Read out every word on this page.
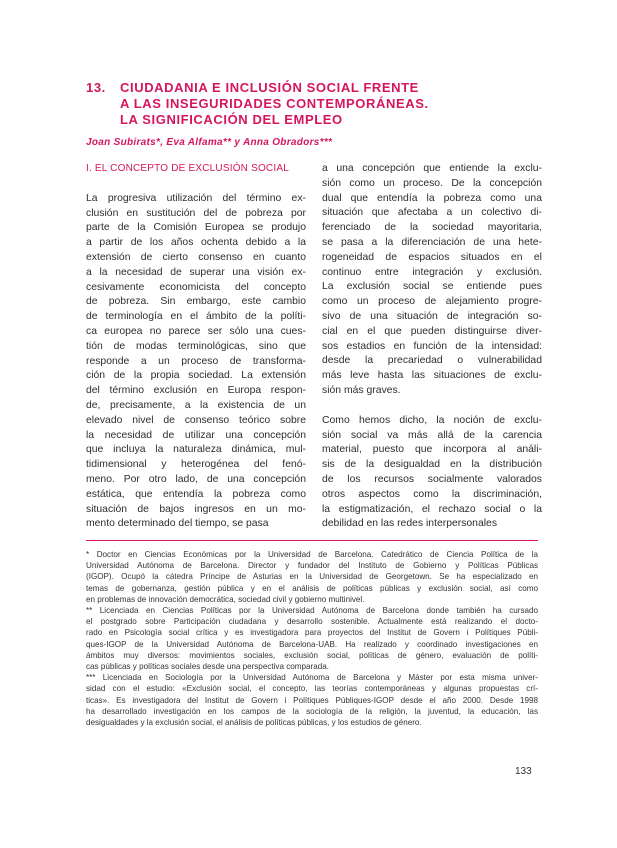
13. CIUDADANIA E INCLUSIÓN SOCIAL FRENTE
A LAS INSEGURIDADES CONTEMPORÁNEAS.
LA SIGNIFICACIÓN DEL EMPLEO
Joan Subirats*, Eva Alfama** y Anna Obradors***
I. EL CONCEPTO DE EXCLUSIÓN SOCIAL
La progresiva utilización del término ex-
clusión en sustitución del de pobreza por
parte de la Comisión Europea se produjo
a partir de los años ochenta debido a la
extensión de cierto consenso en cuanto
a la necesidad de superar una visión ex-
cesivamente economicista del concepto
de pobreza. Sin embargo, este cambio
de terminología en el ámbito de la políti-
ca europea no parece ser sólo una cues-
tión de modas terminológicas, sino que
responde a un proceso de transforma-
ción de la propia sociedad. La extensión
del término exclusión en Europa respon-
de, precisamente, a la existencia de un
elevado nivel de consenso teórico sobre
la necesidad de utilizar una concepción
que incluya la naturaleza dinámica, mul-
tidimensional y heterogénea del fenó-
meno. Por otro lado, de una concepción
estática, que entendía la pobreza como
situación de bajos ingresos en un mo-
mento determinado del tiempo, se pasa
a una concepción que entiende la exclu-
sión como un proceso. De la concepción
dual que entendía la pobreza como una
situación que afectaba a un colectivo di-
ferenciado de la sociedad mayoritaria,
se pasa a la diferenciación de una hete-
rogeneidad de espacios situados en el
continuo entre integración y exclusión.
La exclusión social se entiende pues
como un proceso de alejamiento progre-
sivo de una situación de integración so-
cial en el que pueden distinguirse diver-
sos estadios en función de la intensidad:
desde la precariedad o vulnerabilidad
más leve hasta las situaciones de exclu-
sión más graves.
Como hemos dicho, la noción de exclu-
sión social va más allá de la carencia
material, puesto que incorpora al análi-
sis de la desigualdad en la distribución
de los recursos socialmente valorados
otros aspectos como la discriminación,
la estigmatización, el rechazo social o la
debilidad en las redes interpersonales
* Doctor en Ciencias Económicas por la Universidad de Barcelona. Catedrático de Ciencia Política de la
Universidad Autónoma de Barcelona. Director y fundador del Instituto de Gobierno y Políticas Públicas
(IGOP). Ocupó la cátedra Príncipe de Asturias en la Universidad de Georgetown. Se ha especializado en
temas de gobernanza, gestión pública y en el análisis de políticas públicas y exclusión social, así como
en problemas de innovación democrática, sociedad civil y gobierno multinivel.
** Licenciada en Ciencias Políticas por la Universidad Autónoma de Barcelona donde también ha cursado
el postgrado sobre Participación ciudadana y desarrollo sostenible. Actualmente está realizando el docto-
rado en Psicología social crítica y es investigadora para proyectos del Institut de Govern i Polítiques Públi-
ques-IGOP de la Universidad Autónoma de Barcelona-UAB. Ha realizado y coordinado investigaciones en
ámbitos muy diversos: movimientos sociales, exclusión social, políticas de género, evaluación de políti-
cas públicas y políticas sociales desde una perspectiva comparada.
*** Licenciada en Sociología por la Universidad Autónoma de Barcelona y Máster por esta misma univer-
sidad con el estudio: «Exclusión social, el concepto, las teorías contemporáneas y algunas propuestas crí-
ticas». Es investigadora del Institut de Govern i Polítiques Públiques-IGOP desde el año 2000. Desde 1998
ha desarrollado investigación en los campos de la sociología de la religión, la juventud, la educación, las
desigualdades y la exclusión social, el análisis de políticas públicas, y los estudios de género.
133
